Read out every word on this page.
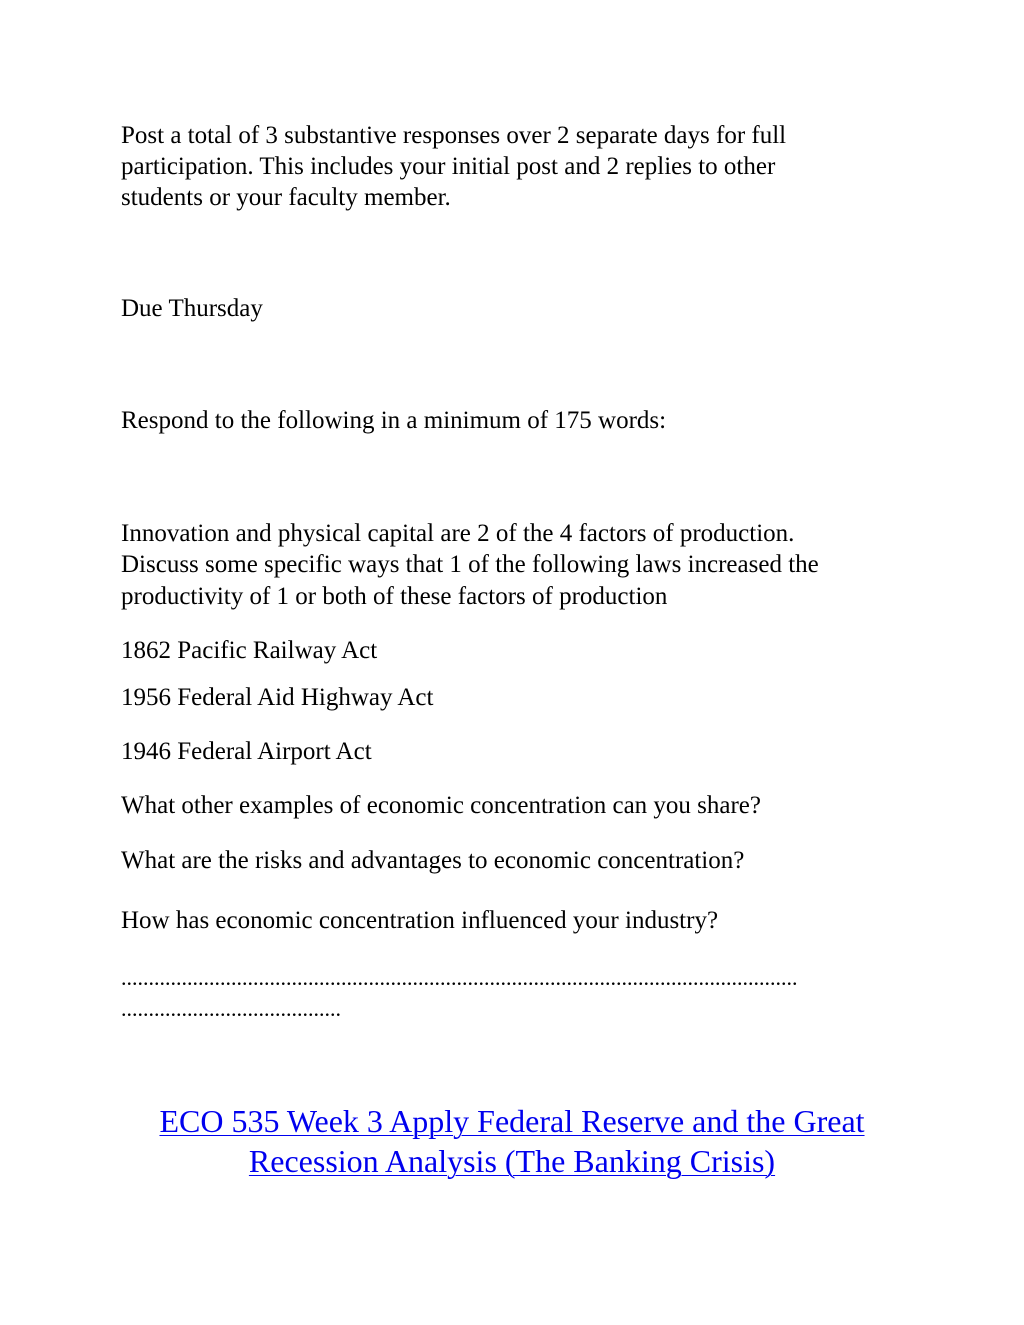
Post a total of 3 substantive responses over 2 separate days for full
participation. This includes your initial post and 2 replies to other
students or your faculty member.
Due Thursday
Respond to the following in a minimum of 175 words:
Innovation and physical capital are 2 of the 4 factors of production.
Discuss some specific ways that 1 of the following laws increased the
productivity of 1 or both of these factors of production
1862 Pacific Railway Act
1956 Federal Aid Highway Act
1946 Federal Airport Act
What other examples of economic concentration can you share?
What are the risks and advantages to economic concentration?
How has economic concentration influenced your industry?
...........................................................................................................................
........................................
ECO 535 Week 3 Apply Federal Reserve and the Great
Recession Analysis (The Banking Crisis)
